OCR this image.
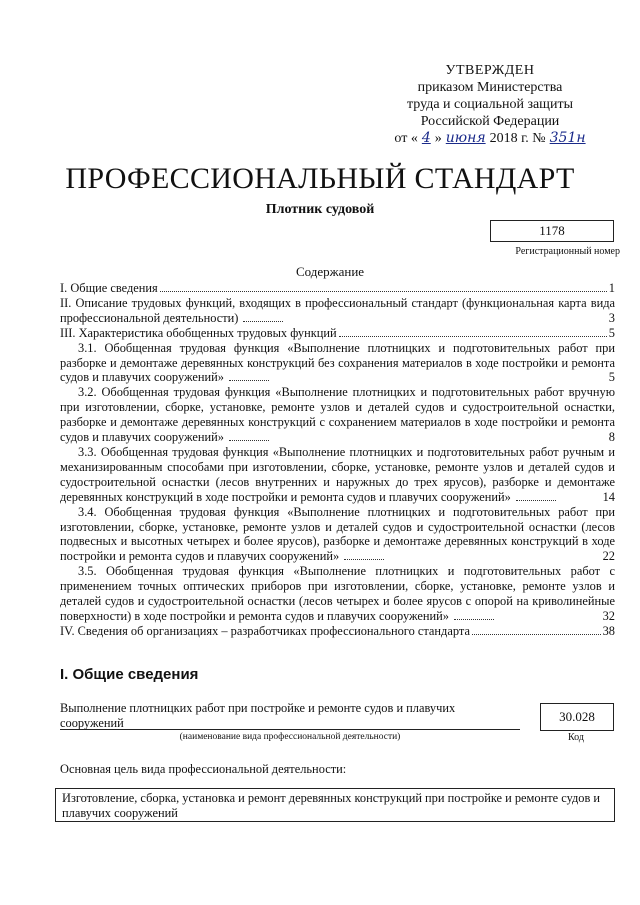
УТВЕРЖДЕН
приказом Министерства
труда и социальной защиты
Российской Федерации
от « 4 » июня 2018 г. № 351н
ПРОФЕССИОНАЛЬНЫЙ СТАНДАРТ
Плотник судовой
1178
Регистрационный номер
Содержание
I. Общие сведения	1
II. Описание трудовых функций, входящих в профессиональный стандарт (функциональная карта вида профессиональной деятельности)	3
III. Характеристика обобщенных трудовых функций	5
3.1. Обобщенная трудовая функция «Выполнение плотницких и подготовительных работ при разборке и демонтаже деревянных конструкций без сохранения материалов в ходе постройки и ремонта судов и плавучих сооружений»	5
3.2. Обобщенная трудовая функция «Выполнение плотницких и подготовительных работ вручную при изготовлении, сборке, установке, ремонте узлов и деталей судов и судостроительной оснастки, разборке и демонтаже деревянных конструкций с сохранением материалов в ходе постройки и ремонта судов и плавучих сооружений»	8
3.3. Обобщенная трудовая функция «Выполнение плотницких и подготовительных работ ручным и механизированным способами при изготовлении, сборке, установке, ремонте узлов и деталей судов и судостроительной оснастки (лесов внутренних и наружных до трех ярусов), разборке и демонтаже деревянных конструкций в ходе постройки и ремонта судов и плавучих сооружений»	14
3.4. Обобщенная трудовая функция «Выполнение плотницких и подготовительных работ при изготовлении, сборке, установке, ремонте узлов и деталей судов и судостроительной оснастки (лесов подвесных и высотных четырех и более ярусов), разборке и демонтаже деревянных конструкций в ходе постройки и ремонта судов и плавучих сооружений»	22
3.5. Обобщенная трудовая функция «Выполнение плотницких и подготовительных работ с применением точных оптических приборов при изготовлении, сборке, установке, ремонте узлов и деталей судов и судостроительной оснастки (лесов четырех и более ярусов с опорой на криволинейные поверхности) в ходе постройки и ремонта судов и плавучих сооружений»	32
IV. Сведения об организациях – разработчиках профессионального стандарта	38
I. Общие сведения
Выполнение плотницких работ при постройке и ремонте судов и плавучих сооружений
(наименование вида профессиональной деятельности)
30.028
Код
Основная цель вида профессиональной деятельности:
Изготовление, сборка, установка и ремонт деревянных конструкций при постройке и ремонте судов и плавучих сооружений
